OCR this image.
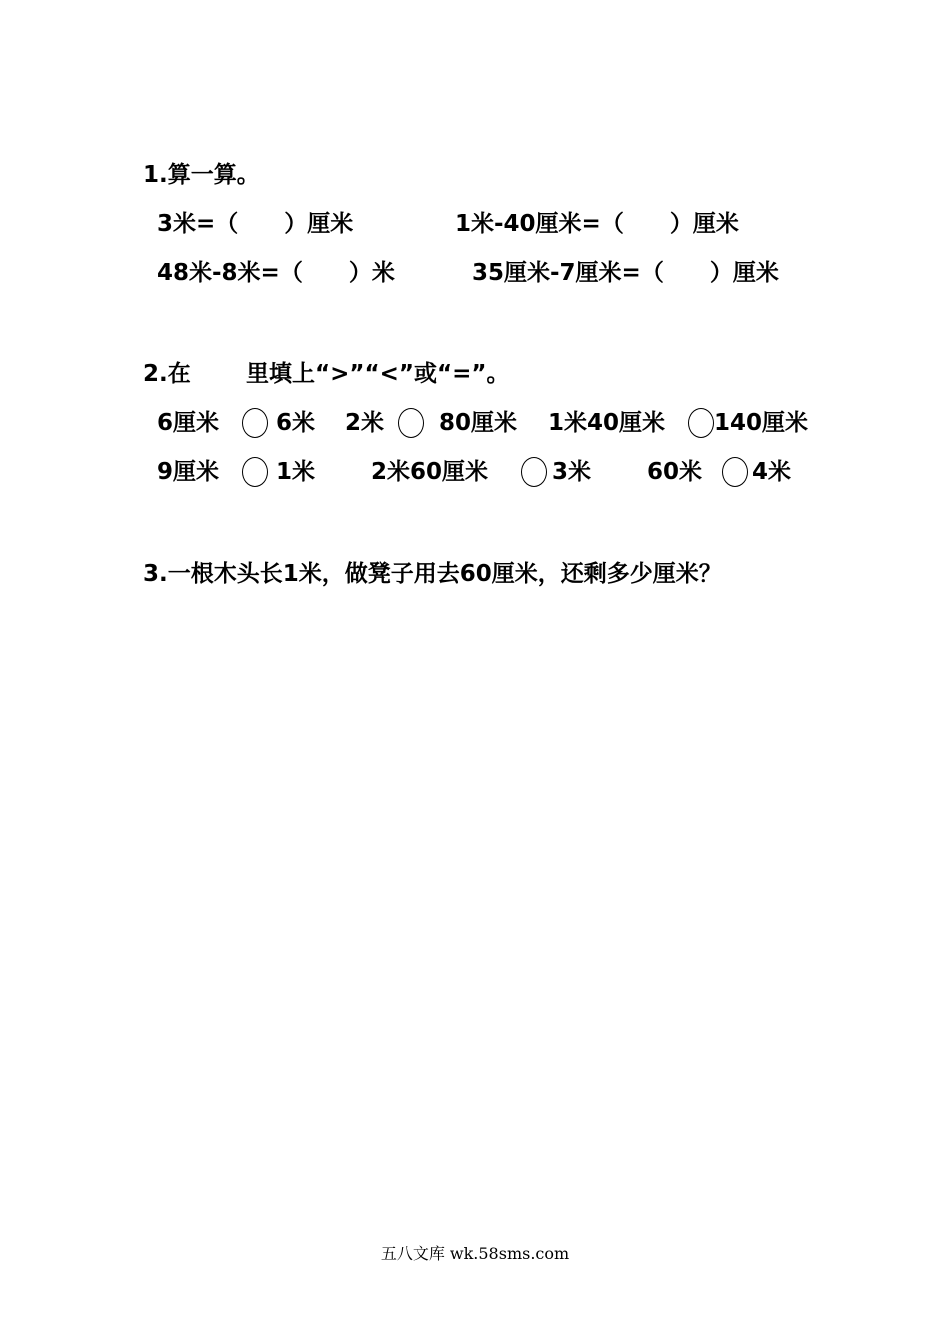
1.算一算。
3米=（　　）厘米	1米-40厘米=（　　）厘米
48米-8米=（　　）米	35厘米-7厘米=（　　）厘米
2.在 里填上“>”“<”或“=”。
6厘米 6米 2米 80厘米 1米40厘米 140厘米
9厘米 1米 2米60厘米	3米 60米 4米
3.一根木头长1米，做凳子用去60厘米，还剩多少厘米？
五八文库 wk.58sms.com
